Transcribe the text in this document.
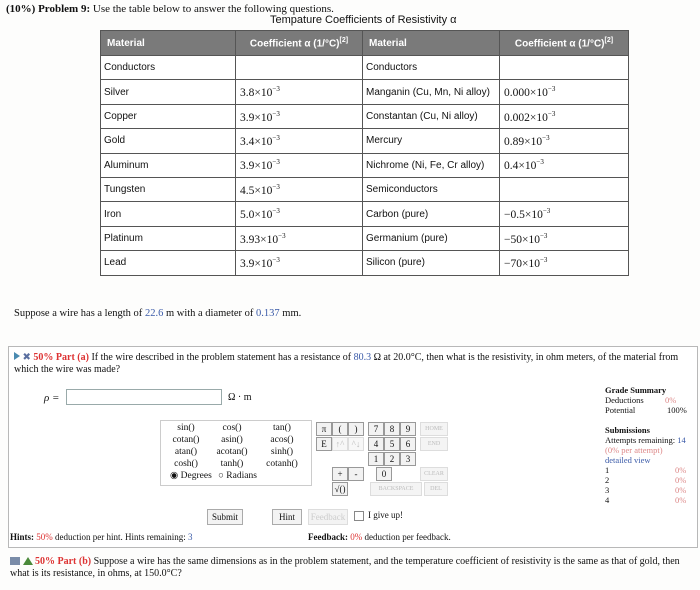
(10%) Problem 9: Use the table below to answer the following questions.
Tempature Coefficients of Resistivity α
Material	Coefficient α (1/°C)[2]	Material	Coefficient α (1/°C)[2]
Conductors		Conductors	
Silver	$3.8\times 10^{-3}$	Manganin (Cu, Mn, Ni alloy)	$0.000\times 10^{-3}$
Copper	$3.9\times 10^{-3}$	Constantan (Cu, Ni alloy)	$0.002\times 10^{-3}$
Gold	$3.4\times 10^{-3}$	Mercury	$0.89\times 10^{-3}$
Aluminum	$3.9\times 10^{-3}$	Nichrome (Ni, Fe, Cr alloy)	$0.4\times 10^{-3}$
Tungsten	$4.5\times 10^{-3}$	Semiconductors	
Iron	$5.0\times 10^{-3}$	Carbon (pure)	$-0.5\times 10^{-3}$
Platinum	$3.93\times 10^{-3}$	Germanium (pure)	$-50\times 10^{-3}$
Lead	$3.9\times 10^{-3}$	Silicon (pure)	$-70\times 10^{-3}$
Suppose a wire has a length of 22.6 m with a diameter of 0.137 mm.
✖ 50% Part (a) If the wire described in the problem statement has a resistance of 80.3 Ω at 20.0°C, then what is the resistivity, in ohm meters, of the material from which the wire was made?
ρ =	Ω · m
sin()	cos()	tan()
cotan()	asin()	acos()
atan()	acotan()	sinh()
cosh()	tanh()	cotanh()
◉ Degrees ○ Radians
π	(	)
E ↑^ ^↓
+	-
√()
7	8	9
4	5	6
1	2	3
0
HOME
END
BACKSPACE	DEL
CLEAR
Submit	Hint	Feedback	I give up!
Hints: 50% deduction per hint. Hints remaining: 3	Feedback: 0% deduction per feedback.
Grade Summary
Deductions	0%
Potential	100%
Submissions
Attempts remaining: 14
(0% per attempt)
detailed view
1	0%
2	0%
3	0%
4	0%
50% Part (b) Suppose a wire has the same dimensions as in the problem statement, and the temperature coefficient of resistivity is the same as that of gold, then what is its resistance, in ohms, at 150.0°C?
